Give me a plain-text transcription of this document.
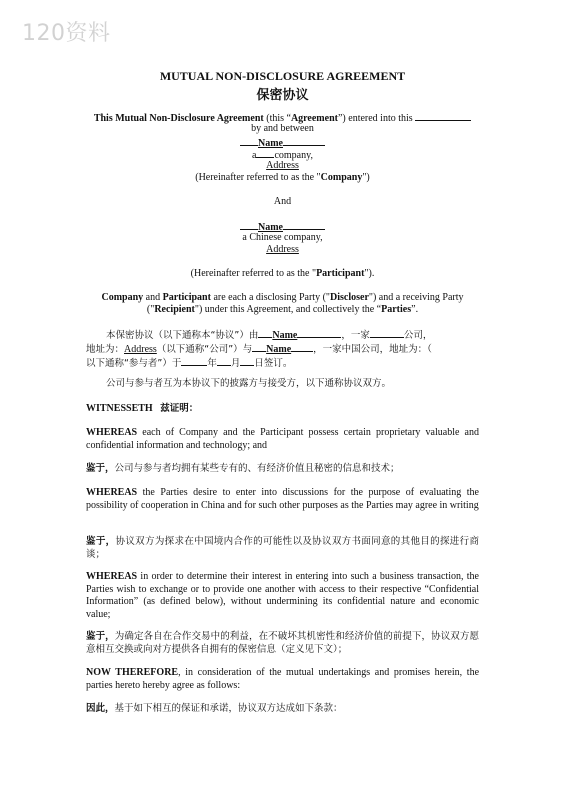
120资料
MUTUAL NON-DISCLOSURE AGREEMENT
保密协议
This Mutual Non-Disclosure Agreement (this “Agreement”) entered into this
by and between
Name
a company,
Address
(Hereinafter referred to as the "Company")
And
Name
a Chinese company,
Address
(Hereinafter referred to as the "Participant").
Company and Participant are each a disclosing Party ("Discloser") and a receiving Party ("Recipient") under this Agreement, and collectively the “Parties”.
本保密协议（以下通称本“协议”）由 Name	，一家	公司，
地址为：Address（以下通称“公司”）与 Name ，一家中国公司，地址为：（
以下通称“参与者”）于	年 月 日签订。
公司与参与者互为本协议下的披露方与接受方，以下通称协议双方。
WITNESSETH 兹证明：
WHEREAS each of Company and the Participant possess certain proprietary valuable and confidential information and technology; and
鉴于，公司与参与者均拥有某些专有的、有经济价值且秘密的信息和技术；
WHEREAS the Parties desire to enter into discussions for the purpose of evaluating the possibility of cooperation in China and for such other purposes as the Parties may agree in writing
鉴于，协议双方为探求在中国境内合作的可能性以及协议双方书面同意的其他目的探进行商谈；
WHEREAS in order to determine their interest in entering into such a business transaction, the Parties wish to exchange or to provide one another with access to their respective “Confidential Information” (as defined below), without undermining its confidential nature and economic value;
鉴于，为确定各自在合作交易中的利益，在不破坏其机密性和经济价值的前提下，协议双方愿意相互交换或向对方提供各自拥有的保密信息（定义见下文）；
NOW THEREFORE, in consideration of the mutual undertakings and promises herein, the parties hereto hereby agree as follows:
因此，基于如下相互的保证和承诺，协议双方达成如下条款：
